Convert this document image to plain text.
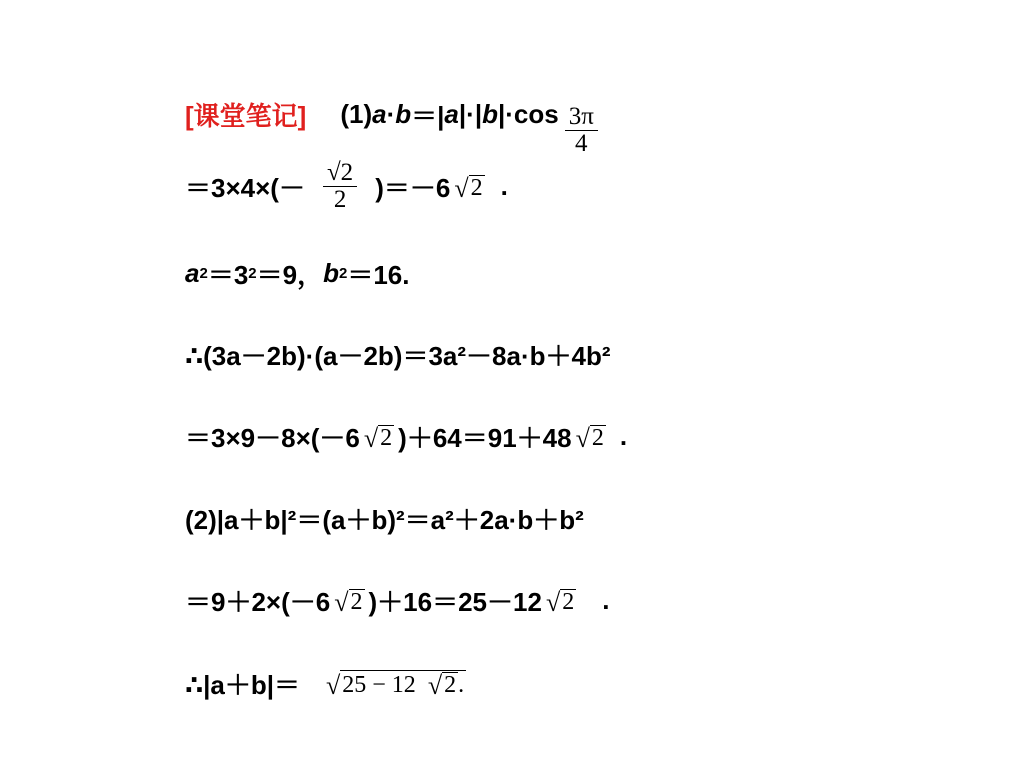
[课堂笔记] (1) a · b ＝| a |·| b $|\cdot\cos \frac{3\pi}{4}$
$=3\times 4\times(- \frac{√2}{2} )=-6$ √ 2 .
a 2 ＝3 2 ＝9， b 2 ＝16.
∴(3a－2b)·(a－2b)＝3a²－8a·b＋4b²
＝3×9－8×(－6 √ 2 )＋64＝91＋48 √ 2 .
(2)|a＋b|²＝(a＋b)²＝a²＋2a·b＋b²
＝9＋2×(－6 √ 2 )＋16＝25－12 √ 2 .
∴|a＋b|＝ √ 25 − 12 √ 2 .
